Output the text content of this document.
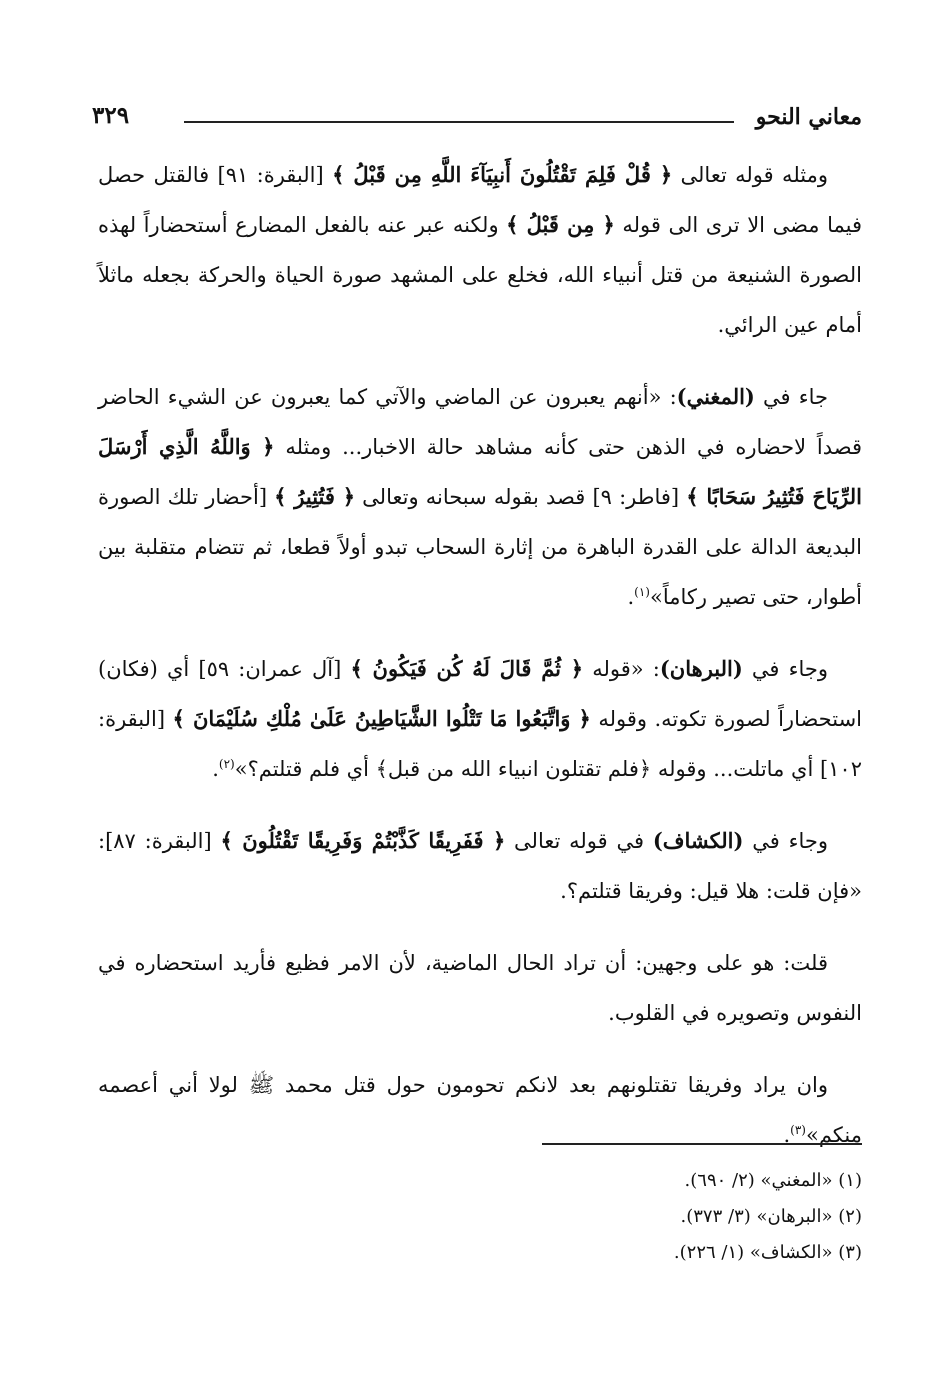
معاني النحو
٣٢٩

ومثله قوله تعالى ﴿ قُلْ فَلِمَ تَقْتُلُونَ أَنبِيَآءَ اللَّهِ مِن قَبْلُ ﴾ [البقرة: ٩١] فالقتل حصل فيما مضى الا ترى الى قوله ﴿ مِن قَبْلُ ﴾ ولكنه عبر عنه بالفعل المضارع أستحضاراً لهذه الصورة الشنيعة من قتل أنبياء الله، فخلع على المشهد صورة الحياة والحركة بجعله ماثلاً أمام عين الرائي.

جاء في (المغني): «أنهم يعبرون عن الماضي والآتي كما يعبرون عن الشيء الحاضر قصداً لاحضاره في الذهن حتى كأنه مشاهد حالة الاخبار... ومثله ﴿ وَاللَّهُ الَّذِي أَرْسَلَ الرِّيَاحَ فَتُثِيرُ سَحَابًا ﴾ [فاطر: ٩] قصد بقوله سبحانه وتعالى ﴿ فَتُثِيرُ ﴾ [أحضار تلك الصورة البديعة الدالة على القدرة الباهرة من إثارة السحاب تبدو أولاً قطعا، ثم تتضام متقلبة بين أطوار، حتى تصير ركاماً»$^{(١)}$.

وجاء في (البرهان): «قوله ﴿ ثُمَّ قَالَ لَهُ كُن فَيَكُونُ ﴾ [آل عمران: ٥٩] أي (فكان) استحضاراً لصورة تكوته. وقوله ﴿ وَاتَّبَعُوا مَا تَتْلُوا الشَّيَاطِينُ عَلَىٰ مُلْكِ سُلَيْمَانَ ﴾ [البقرة: ١٠٢] أي ماتلت... وقوله ﴿فلم تقتلون انبياء الله من قبل﴾ أي فلم قتلتم؟»$^{(٢)}$.

وجاء في (الكشاف) في قوله تعالى ﴿ فَفَرِيقًا كَذَّبْتُمْ وَفَرِيقًا تَقْتُلُونَ ﴾ [البقرة: ٨٧]: «فإن قلت: هلا قيل: وفريقا قتلتم؟.

قلت: هو على وجهين: أن تراد الحال الماضية، لأن الامر فظيع فأريد استحضاره في النفوس وتصويره في القلوب.

وان يراد وفريقا تقتلونهم بعد لانكم تحومون حول قتل محمد ﷺ لولا أني أعصمه منكم»$^{(٣)}$.

(١) «المغني» (٢/ ٦٩٠).

(٢) «البرهان» (٣/ ٣٧٣).

(٣) «الكشاف» (١/ ٢٢٦).
